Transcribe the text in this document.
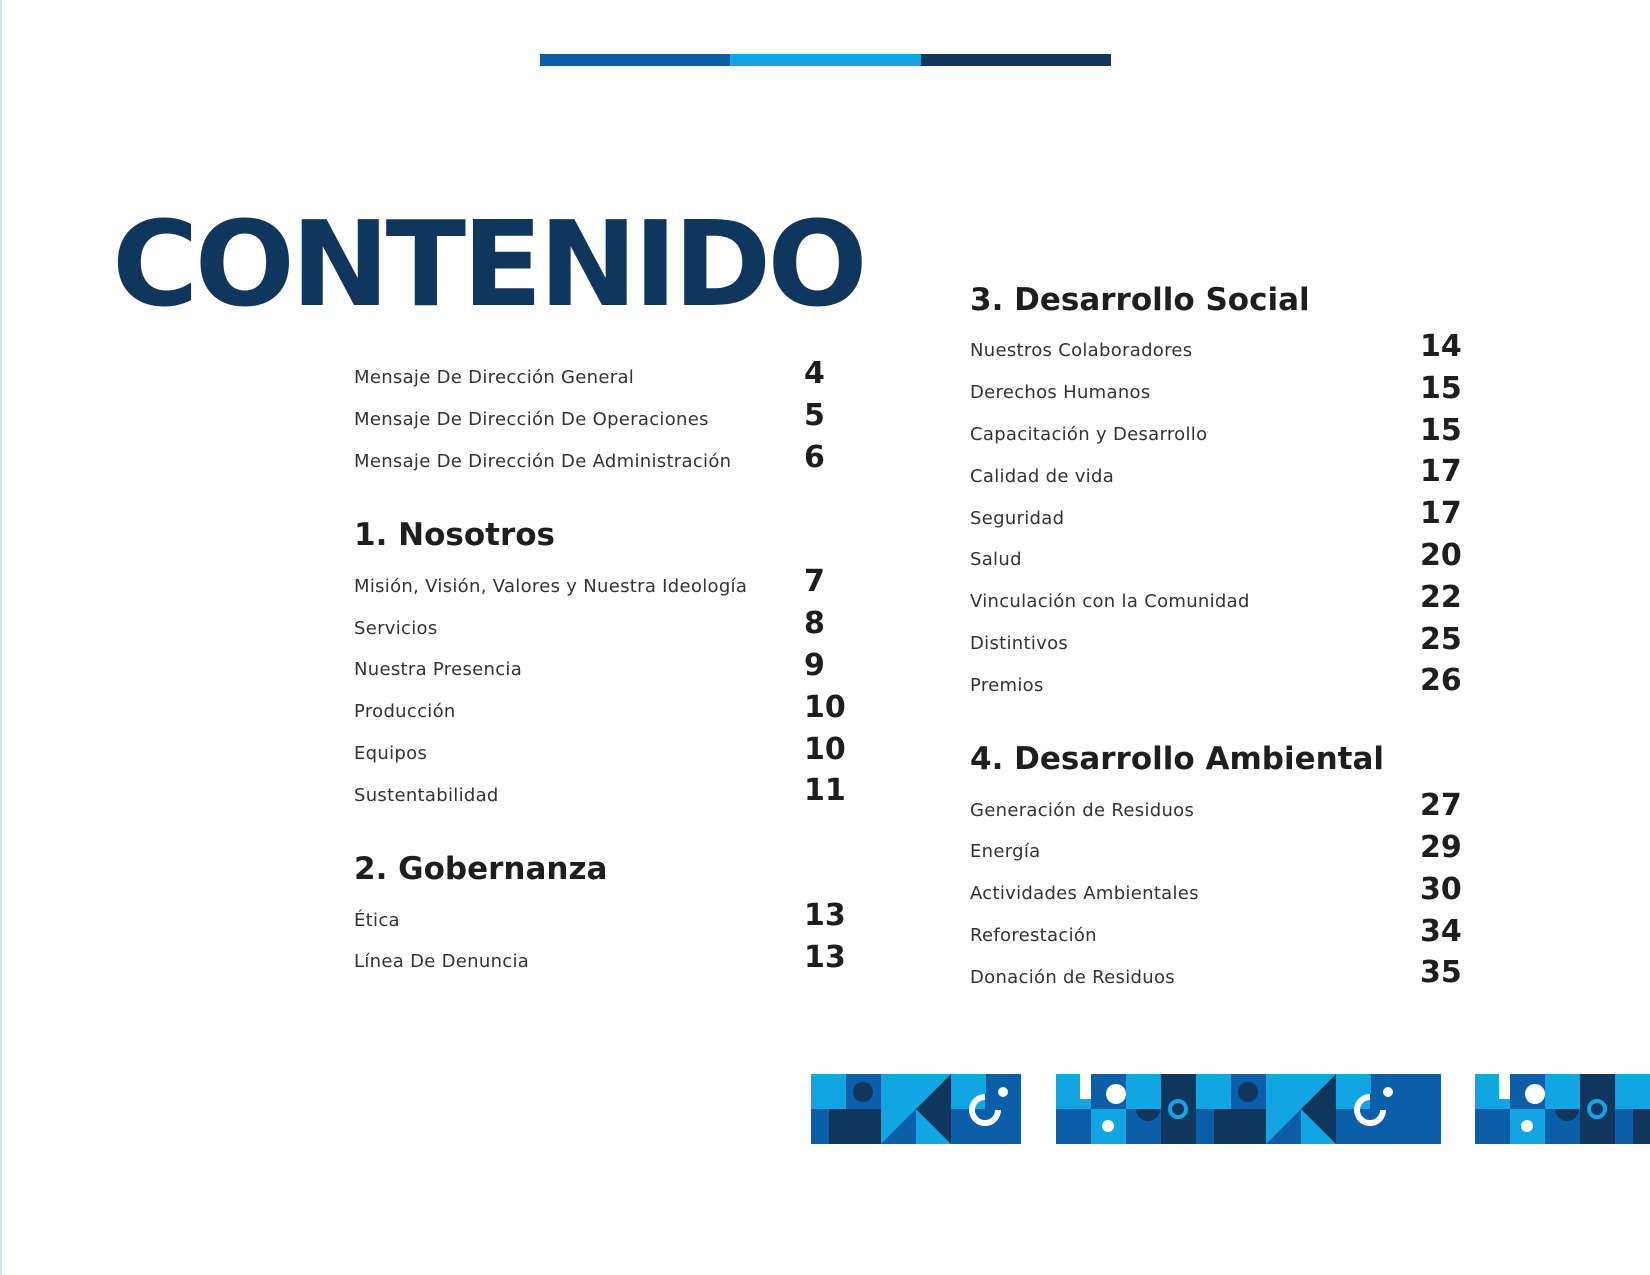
CONTENIDO
Mensaje De Dirección General	4
Mensaje De Dirección De Operaciones	5
Mensaje De Dirección De Administración 6
1. Nosotros
Misión, Visión, Valores y Nuestra Ideología 7
Servicios	8
Nuestra Presencia	9
Producción	10
Equipos	10
Sustentabilidad	11
2. Gobernanza
Ética	13
Línea De Denuncia	13
3. Desarrollo Social
Nuestros Colaboradores	14
Derechos Humanos	15
Capacitación y Desarrollo	15
Calidad de vida	17
Seguridad	17
Salud	20
Vinculación con la Comunidad	22
Distintivos	25
Premios	26
4. Desarrollo Ambiental
Generación de Residuos	27
Energía	29
Actividades Ambientales	30
Reforestación	34
Donación de Residuos	35
